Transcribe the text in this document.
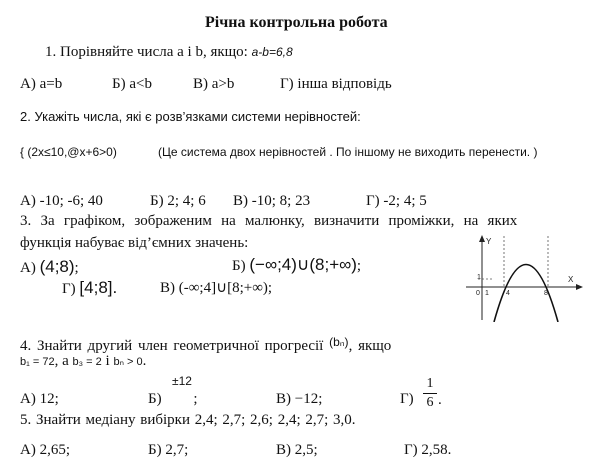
Річна контрольна робота
1. Порівняйте числа a і b, якщо: a-b=6,8
А) a=b	Б) a<b	В) a>b	Г) інша відповідь
2. Укажіть числа, які є розв’язками системи нерівностей:
{ (2x≤10,@x+6>0)	(Це система двох нерівностей . По іншому не виходить перенести. )
А) -10; -6; 40	Б) 2; 4; 6 В) -10; 8; 23	Г) -2; 4; 5
3. За графіком, зображеним на малюнку, визначити проміжки, на яких
функція набуває від’ємних значень:
А) (4;8);	Б) (−∞;4)∪(8;+∞);
Г) [4;8].	В) (-∞;4]∪[8;+∞);
Y
X
1
0 1 4	8
4. Знайти другий член геометричної прогресії $^{(b_n)}$, якщо
b₁ = 72, а b₃ = 2 і bₙ > 0.
±12
А) 12;	Б) ;	В) −12;	Г)
1
6 .
5. Знайти медіану вибірки 2,4; 2,7; 2,6; 2,4; 2,7; 3,0.
А) 2,65;	Б) 2,7;	В) 2,5;	Г) 2,58.
